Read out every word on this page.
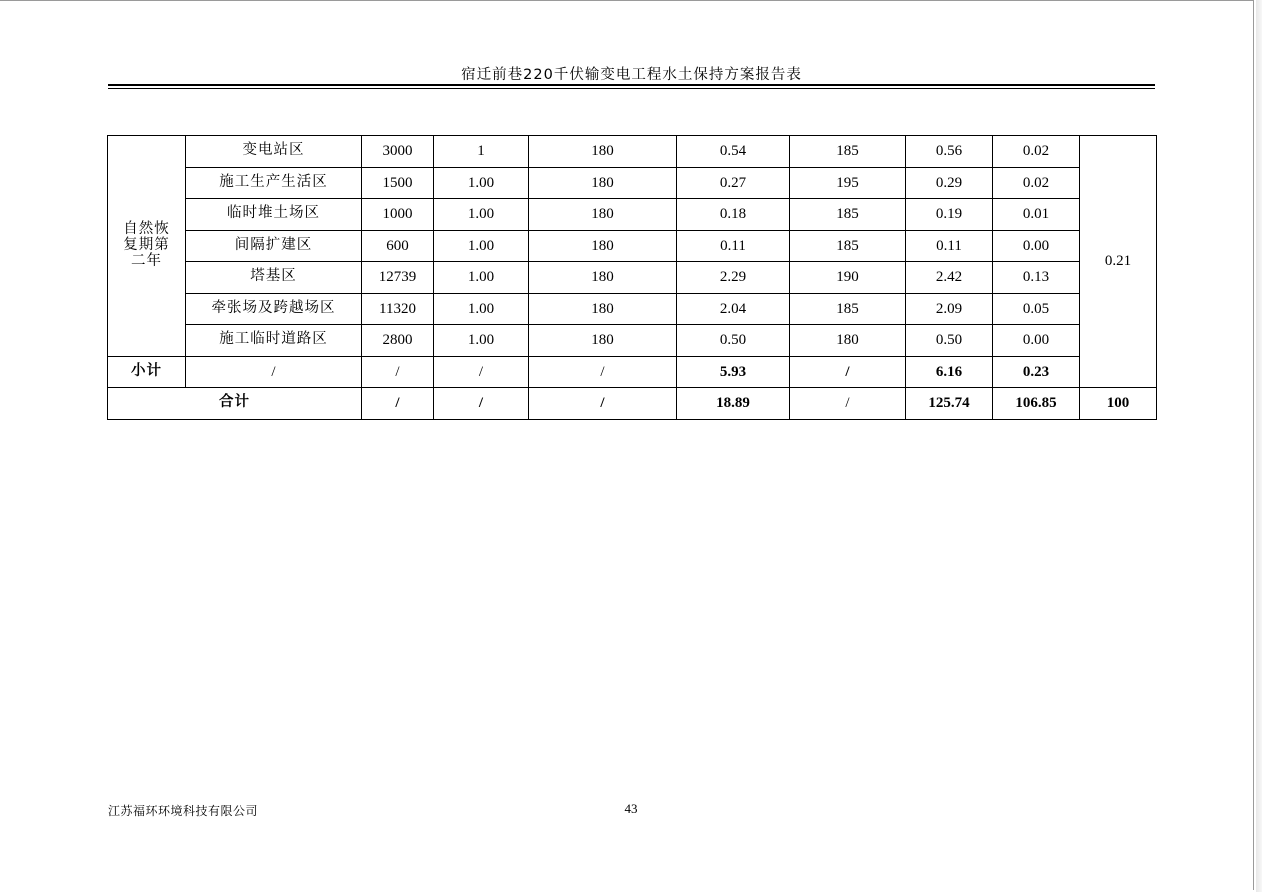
宿迁前巷220千伏输变电工程水土保持方案报告表
自然恢复期第二年	变电站区	3000	1	180	0.54	185	0.56	0.02	0.21
	施工生产生活区	1500	1.00	180	0.27	195	0.29	0.02	
	临时堆土场区	1000	1.00	180	0.18	185	0.19	0.01	
	间隔扩建区	600	1.00	180	0.11	185	0.11	0.00	
	塔基区	12739	1.00	180	2.29	190	2.42	0.13	
	牵张场及跨越场区	11320	1.00	180	2.04	185	2.09	0.05	
	施工临时道路区	2800	1.00	180	0.50	180	0.50	0.00	
小计	/	/	/	/	5.93	/	6.16	0.23	
合计		/	/	/	18.89	/	125.74	106.85	100
江苏福环环境科技有限公司	43
